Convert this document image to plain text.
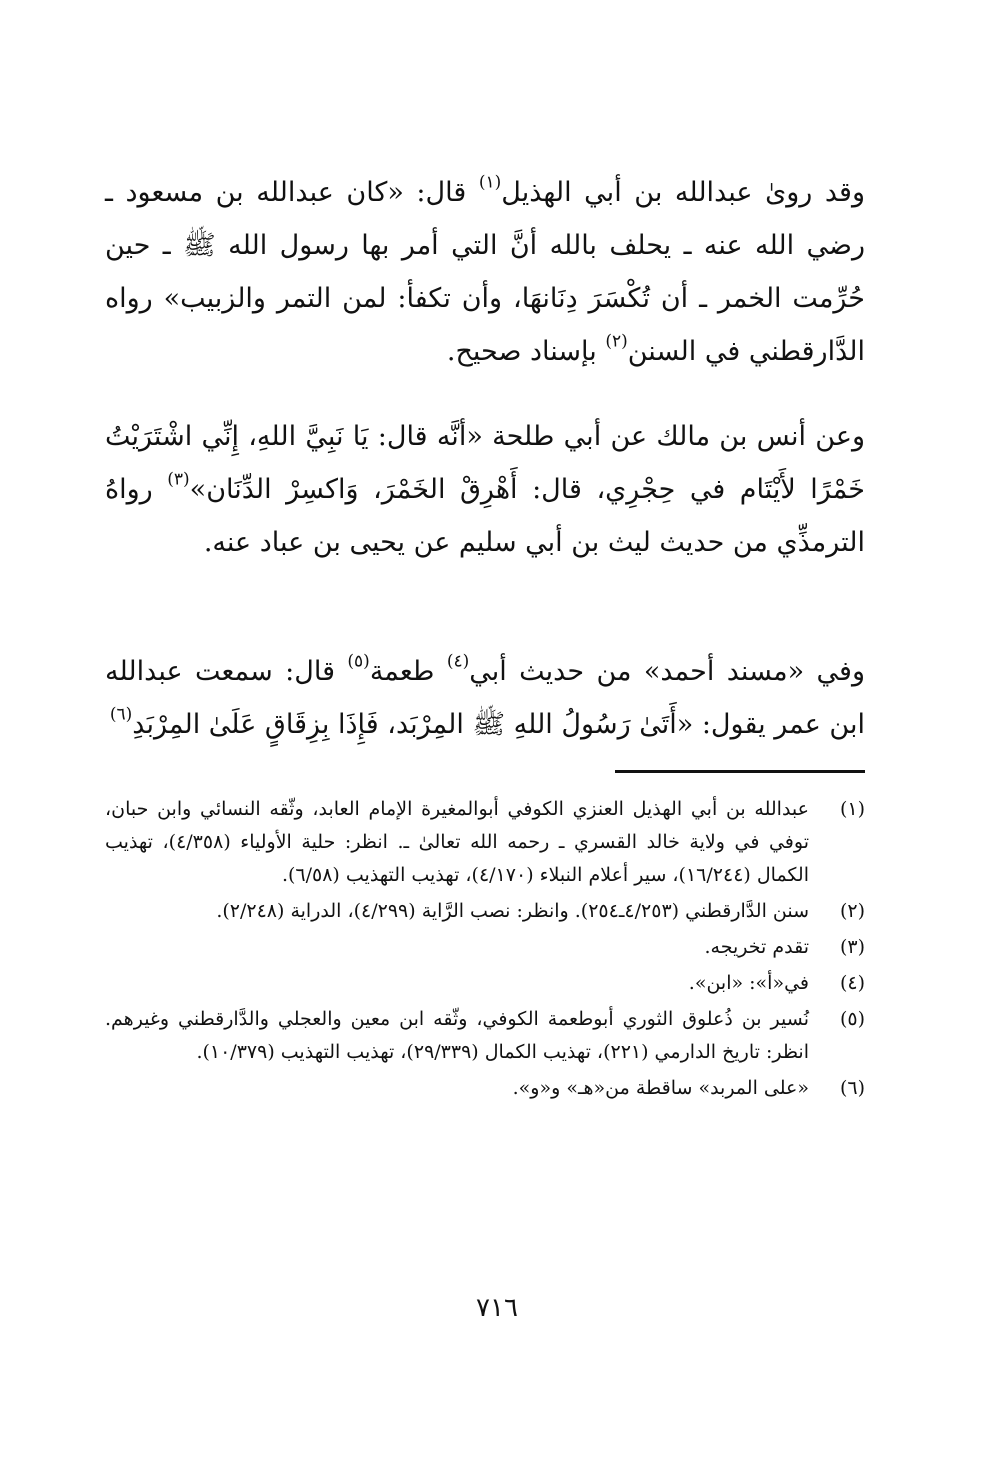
وقد روىٰ عبدالله بن أبي الهذيل$^{(١)}$ قال: «كان عبدالله بن مسعود ـ رضي الله عنه ـ يحلف بالله أنَّ التي أمر بها رسول الله ﷺ ـ حين حُرِّمت الخمر ـ أن تُكْسَرَ دِنَانهَا، وأن تكفأ: لمن التمر والزبيب» رواه الدَّارقطني في السنن$^{(٢)}$ بإسناد صحيح.

وعن أنس بن مالك عن أبي طلحة «أنَّه قال: يَا نَبِيَّ اللهِ، إِنِّي اشْتَرَيْتُ خَمْرًا لأَيْتَام في حِجْرِي، قال: أَهْرِقْ الخَمْرَ، وَاكسِرْ الدِّنَان»$^{(٣)}$ رواهُ الترمذِّي من حديث ليث بن أبي سليم عن يحيى بن عباد عنه.

وفي «مسند أحمد» من حديث أبي$^{(٤)}$ طعمة$^{(٥)}$ قال: سمعت عبدالله ابن عمر يقول: «أَتَىٰ رَسُولُ اللهِ ﷺ المِرْبَد، فَإِذَا بِزِقَاقٍ عَلَىٰ المِرْبَدِ$^{(٦)}$

(١)
عبدالله بن أبي الهذيل العنزي الكوفي أبوالمغيرة الإمام العابد، وثّقه النسائي وابن حبان، توفي في ولاية خالد القسري ـ رحمه الله تعالىٰ ـ. انظر: حلية الأولياء (٤/٣٥٨)، تهذيب الكمال (١٦/٢٤٤)، سير أعلام النبلاء (٤/١٧٠)، تهذيب التهذيب (٦/٥٨).
(٢)
سنن الدَّارقطني (٤/٢٥٣ـ٢٥٤). وانظر: نصب الرَّاية (٤/٢٩٩)، الدراية (٢/٢٤٨).
(٣)
تقدم تخريجه.
(٤)
في«أ»: «ابن».
(٥)
نُسير بن ذُعلوق الثوري أبوطعمة الكوفي، وثّقه ابن معين والعجلي والدَّارقطني وغيرهم. انظر: تاريخ الدارمي (٢٢١)، تهذيب الكمال (٢٩/٣٣٩)، تهذيب التهذيب (١٠/٣٧٩).
(٦)
«على المربد» ساقطة من«هـ» و«و».
٧١٦
